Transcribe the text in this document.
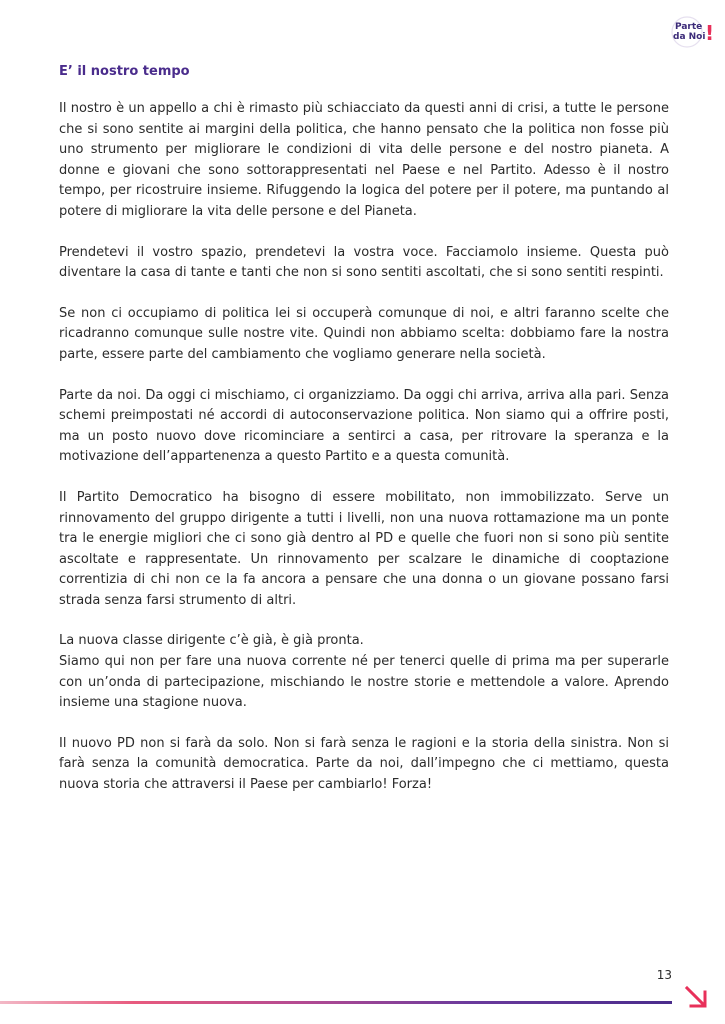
Parte
da Noi !
E’ il nostro tempo

Il nostro è un appello a chi è rimasto più schiacciato da questi anni di crisi, a tutte le persone che si sono sentite ai margini della politica, che hanno pensato che la politica non fosse più uno strumento per migliorare le condizioni di vita delle persone e del nostro pianeta. A donne e giovani che sono sottorappresentati nel Paese e nel Partito. Adesso è il nostro tempo, per ricostruire insieme. Rifuggendo la logica del potere per il potere, ma puntando al potere di migliorare la vita delle persone e del Pianeta.

Prendetevi il vostro spazio, prendetevi la vostra voce. Facciamolo insieme. Questa può diventare la casa di tante e tanti che non si sono sentiti ascoltati, che si sono sentiti respinti.

Se non ci occupiamo di politica lei si occuperà comunque di noi, e altri faranno scelte che ricadranno comunque sulle nostre vite. Quindi non abbiamo scelta: dobbiamo fare la nostra parte, essere parte del cambiamento che vogliamo generare nella società.

Parte da noi. Da oggi ci mischiamo, ci organizziamo. Da oggi chi arriva, arriva alla pari. Senza schemi preimpostati né accordi di autoconservazione politica. Non siamo qui a offrire posti, ma un posto nuovo dove ricominciare a sentirci a casa, per ritrovare la speranza e la motivazione dell’appartenenza a questo Partito e a questa comunità.

Il Partito Democratico ha bisogno di essere mobilitato, non immobilizzato. Serve un rinnovamento del gruppo dirigente a tutti i livelli, non una nuova rottamazione ma un ponte tra le energie migliori che ci sono già dentro al PD e quelle che fuori non si sono più sentite ascoltate e rappresentate. Un rinnovamento per scalzare le dinamiche di cooptazione correntizia di chi non ce la fa ancora a pensare che una donna o un giovane possano farsi strada senza farsi strumento di altri.

La nuova classe dirigente c’è già, è già pronta.
Siamo qui non per fare una nuova corrente né per tenerci quelle di prima ma per superarle con un’onda di partecipazione, mischiando le nostre storie e mettendole a valore. Aprendo insieme una stagione nuova.

Il nuovo PD non si farà da solo. Non si farà senza le ragioni e la storia della sinistra. Non si farà senza la comunità democratica. Parte da noi, dall’impegno che ci mettiamo, questa nuova storia che attraversi il Paese per cambiarlo! Forza!

13
